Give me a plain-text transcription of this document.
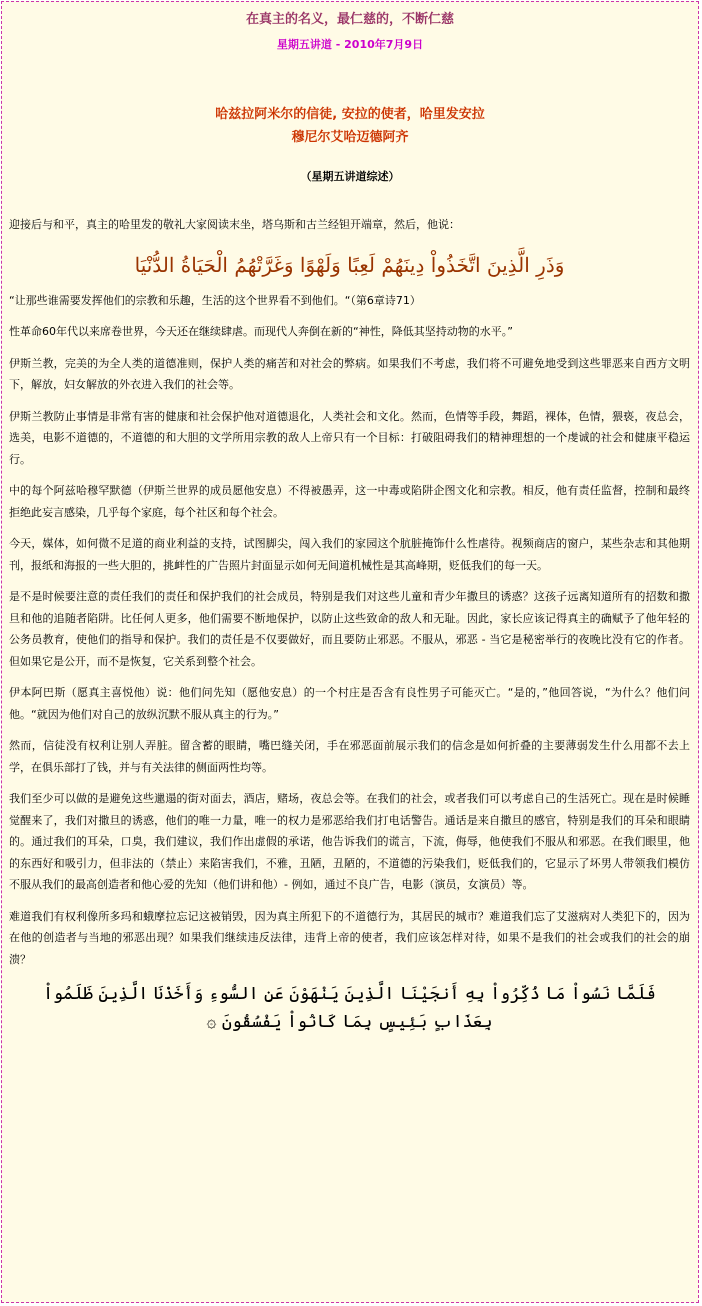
在真主的名义，最仁慈的，不断仁慈
星期五讲道 - 2010年7月9日
哈兹拉阿米尔的信徒, 安拉的使者，哈里发安拉
穆尼尔艾哈迈德阿齐
（星期五讲道综述）

迎接后与和平，真主的哈里发的敬礼大家阅读末坐，塔乌斯和古兰经钽开端章，然后，他说：

وَذَرِ الَّذِينَ اتَّخَذُواْ دِينَهُمْ لَعِبًا وَلَهْوًا وَغَرَّتْهُمُ الْحَيَاةُ الدُّنْيَا

“让那些谁需要发挥他们的宗教和乐趣，生活的这个世界看不到他们。“（第6章诗71）

性革命60年代以来席卷世界，今天还在继续肆虐。而现代人奔倒在新的“神性，降低其坚持动物的水平。”

伊斯兰教，完美的为全人类的道德准则，保护人类的痛苦和对社会的弊病。如果我们不考虑，我们将不可避免地受到这些罪恶来自西方文明下，解放，妇女解放的外衣进入我们的社会等。

伊斯兰教防止事情是非常有害的健康和社会保护他对道德退化，人类社会和文化。然而，色情等手段，舞蹈，裸体，色情，猥亵，夜总会，选美，电影不道德的，不道德的和大胆的文学所用宗教的敌人上帝只有一个目标：打破阻碍我们的精神理想的一个虔诚的社会和健康平稳运行。

中的每个阿兹哈穆罕默德（伊斯兰世界的成员愿他安息）不得被愚弄，这一中毒或陷阱企图文化和宗教。相反，他有责任监督，控制和最终拒绝此妄言感染，几乎每个家庭，每个社区和每个社会。

今天，媒体，如何微不足道的商业利益的支持，试图脚尖，闯入我们的家园这个肮脏掩饰什么性虐待。视频商店的窗户，某些杂志和其他期刊，报纸和海报的一些大胆的，挑衅性的广告照片封面显示如何无间道机械性是其高峰期，贬低我们的每一天。

是不是时候要注意的责任我们的责任和保护我们的社会成员，特别是我们对这些儿童和青少年撒旦的诱惑？这孩子远离知道所有的招数和撒旦和他的追随者陷阱。比任何人更多，他们需要不断地保护，以防止这些致命的敌人和无耻。因此，家长应该记得真主的确赋予了他年轻的公务员教育，使他们的指导和保护。我们的责任是不仅要做好，而且要防止邪恶。不服从，邪恶 - 当它是秘密举行的夜晚比没有它的作者。但如果它是公开，而不是恢复，它关系到整个社会。

伊本阿巴斯（愿真主喜悦他）说：他们问先知（愿他安息）的一个村庄是否含有良性男子可能灭亡。“是的，”他回答说，“为什么？他们问他。“就因为他们对自己的放纵沉默不服从真主的行为。”

然而，信徒没有权利让别人弄脏。留含蓄的眼睛，嘴巴缝关闭，手在邪恶面前展示我们的信念是如何折叠的主要薄弱发生什么用都不去上学，在俱乐部打了钱，并与有关法律的侧面两性均等。

我们至少可以做的是避免这些邋遢的街对面去，酒店，赌场，夜总会等。在我们的社会，或者我们可以考虑自己的生活死亡。现在是时候睡觉醒来了，我们对撒旦的诱惑，他们的唯一力量，唯一的权力是邪恶给我们打电话警告。通话是来自撒旦的感官，特别是我们的耳朵和眼睛的。通过我们的耳朵，口臭，我们建议，我们作出虚假的承诺，他告诉我们的谎言，下流，侮辱，他使我们不服从和邪恶。在我们眼里，他的东西好和吸引力，但非法的（禁止）来陷害我们，不雅，丑陋，丑陋的，不道德的污染我们，贬低我们的，它显示了坏男人带领我们模仿不服从我们的最高创造者和他心爱的先知（他们讲和他）- 例如，通过不良广告，电影（演员，女演员）等。

难道我们有权利像所多玛和蛾摩拉忘记这被销毁，因为真主所犯下的不道德行为，其居民的城市？难道我们忘了艾滋病对人类犯下的，因为在他的创造者与当地的邪恶出现？如果我们继续违反法律，违背上帝的使者，我们应该怎样对待，如果不是我们的社会或我们的社会的崩溃？

فَلَمَّا نَسُواْ مَا ذُكِّرُواْ بِهِ أَنجَيْنَا الَّذِينَ يَنْهَوْنَ عَنِ السُّوءِ وَأَخَذْنَا الَّذِينَ ظَلَمُواْ بِعَذَابٍ بَئِيسٍ بِمَا كَانُواْ يَفْسُقُونَ ۞
